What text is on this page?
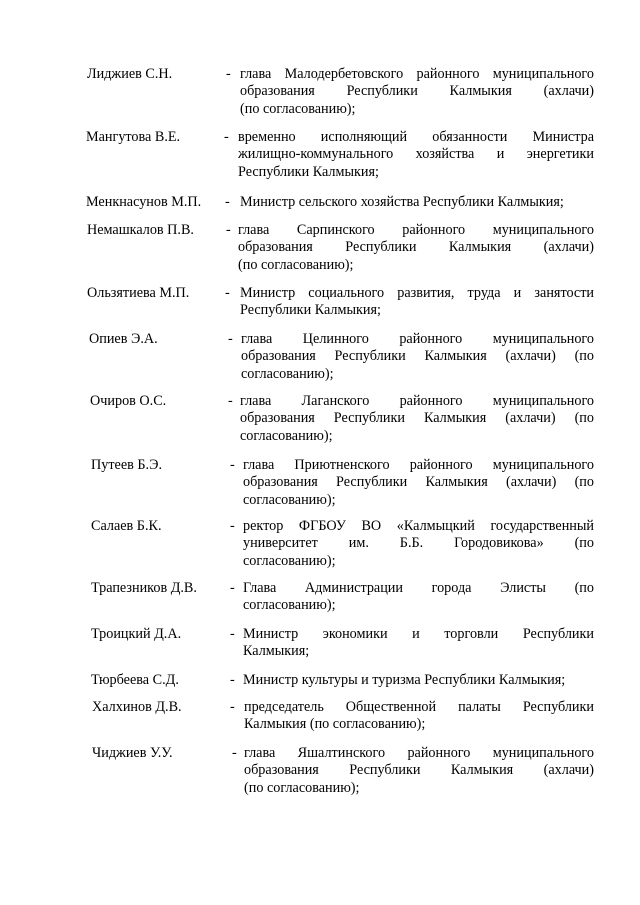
Лиджиев С.Н.	- глава Малодербетовского районного муниципального
образования Республики Калмыкия (ахлачи)
(по согласованию);
Мангутова В.Е.	- временно исполняющий обязанности Министра
жилищно-коммунального хозяйства и энергетики
Республики Калмыкия;
Менкнасунов М.П. - Министр сельского хозяйства Республики Калмыкия;
Немашкалов П.В. - глава Сарпинского районного муниципального
образования Республики Калмыкия (ахлачи)
(по согласованию);
Ользятиева М.П.	- Министр социального развития, труда и занятости
Республики Калмыкия;
Опиев Э.А.	- глава Целинного районного муниципального
образования Республики Калмыкия (ахлачи) (по
согласованию);
Очиров О.С.	- глава Лаганского районного муниципального
образования Республики Калмыкия (ахлачи) (по
согласованию);
Путеев Б.Э.	- глава Приютненского районного муниципального
образования Республики Калмыкия (ахлачи) (по
согласованию);
Салаев Б.К.	- ректор ФГБОУ ВО «Калмыцкий государственный
университет им. Б.Б. Городовикова» (по
согласованию);
Трапезников Д.В. - Глава Администрации города Элисты (по
согласованию);
Троицкий Д.А.	- Министр экономики и торговли Республики
Калмыкия;
Тюрбеева С.Д.	- Министр культуры и туризма Республики Калмыкия;
Халхинов Д.В.	- председатель Общественной палаты Республики
Калмыкия (по согласованию);
Чиджиев У.У.	- глава Яшалтинского районного муниципального
образования Республики Калмыкия (ахлачи)
(по согласованию);
